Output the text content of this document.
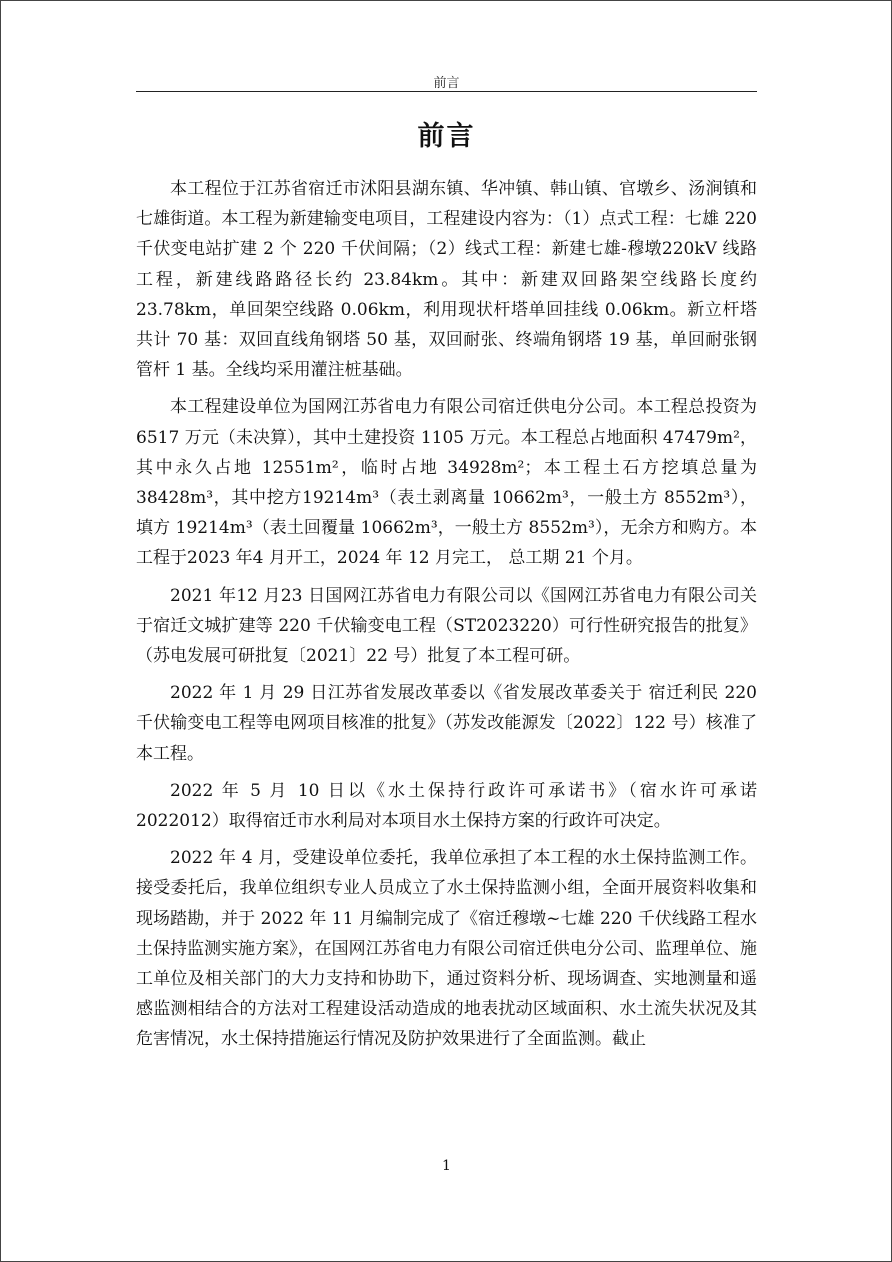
前言
前言

本工程位于江苏省宿迁市沭阳县湖东镇、华冲镇、韩山镇、官墩乡、汤涧镇和七雄街道。本工程为新建输变电项目，工程建设内容为：（1）点式工程：七雄 220 千伏变电站扩建 2 个 220 千伏间隔；（2）线式工程：新建七雄-穆墩220kV 线路工程，新建线路路径长约 23.84km。其中：新建双回路架空线路长度约 23.78km，单回架空线路 0.06km，利用现状杆塔单回挂线 0.06km。新立杆塔共计 70 基：双回直线角钢塔 50 基，双回耐张、终端角钢塔 19 基，单回耐张钢管杆 1 基。全线均采用灌注桩基础。

本工程建设单位为国网江苏省电力有限公司宿迁供电分公司。本工程总投资为 6517 万元（未决算），其中土建投资 1105 万元。本工程总占地面积 47479m²，其中永久占地 12551m²，临时占地 34928m²；本工程土石方挖填总量为 38428m³，其中挖方19214m³（表土剥离量 10662m³，一般土方 8552m³），填方 19214m³（表土回覆量 10662m³，一般土方 8552m³），无余方和购方。本工程于2023 年4 月开工，2024 年 12 月完工， 总工期 21 个月。

2021 年12 月23 日国网江苏省电力有限公司以《国网江苏省电力有限公司关于宿迁文城扩建等 220 千伏输变电工程（ST2023220）可行性研究报告的批复》（苏电发展可研批复〔2021〕22 号）批复了本工程可研。

2022 年 1 月 29 日江苏省发展改革委以《省发展改革委关于 宿迁利民 220 千伏输变电工程等电网项目核准的批复》（苏发改能源发〔2022〕122 号）核准了本工程。

2022 年 5 月 10 日以《水土保持行政许可承诺书》（宿水许可承诺 2022012）取得宿迁市水利局对本项目水土保持方案的行政许可决定。

2022 年 4 月，受建设单位委托，我单位承担了本工程的水土保持监测工作。接受委托后，我单位组织专业人员成立了水土保持监测小组，全面开展资料收集和现场踏勘，并于 2022 年 11 月编制完成了《宿迁穆墩~七雄 220 千伏线路工程水土保持监测实施方案》，在国网江苏省电力有限公司宿迁供电分公司、监理单位、施工单位及相关部门的大力支持和协助下，通过资料分析、现场调查、实地测量和遥感监测相结合的方法对工程建设活动造成的地表扰动区域面积、水土流失状况及其危害情况，水土保持措施运行情况及防护效果进行了全面监测。截止

1
